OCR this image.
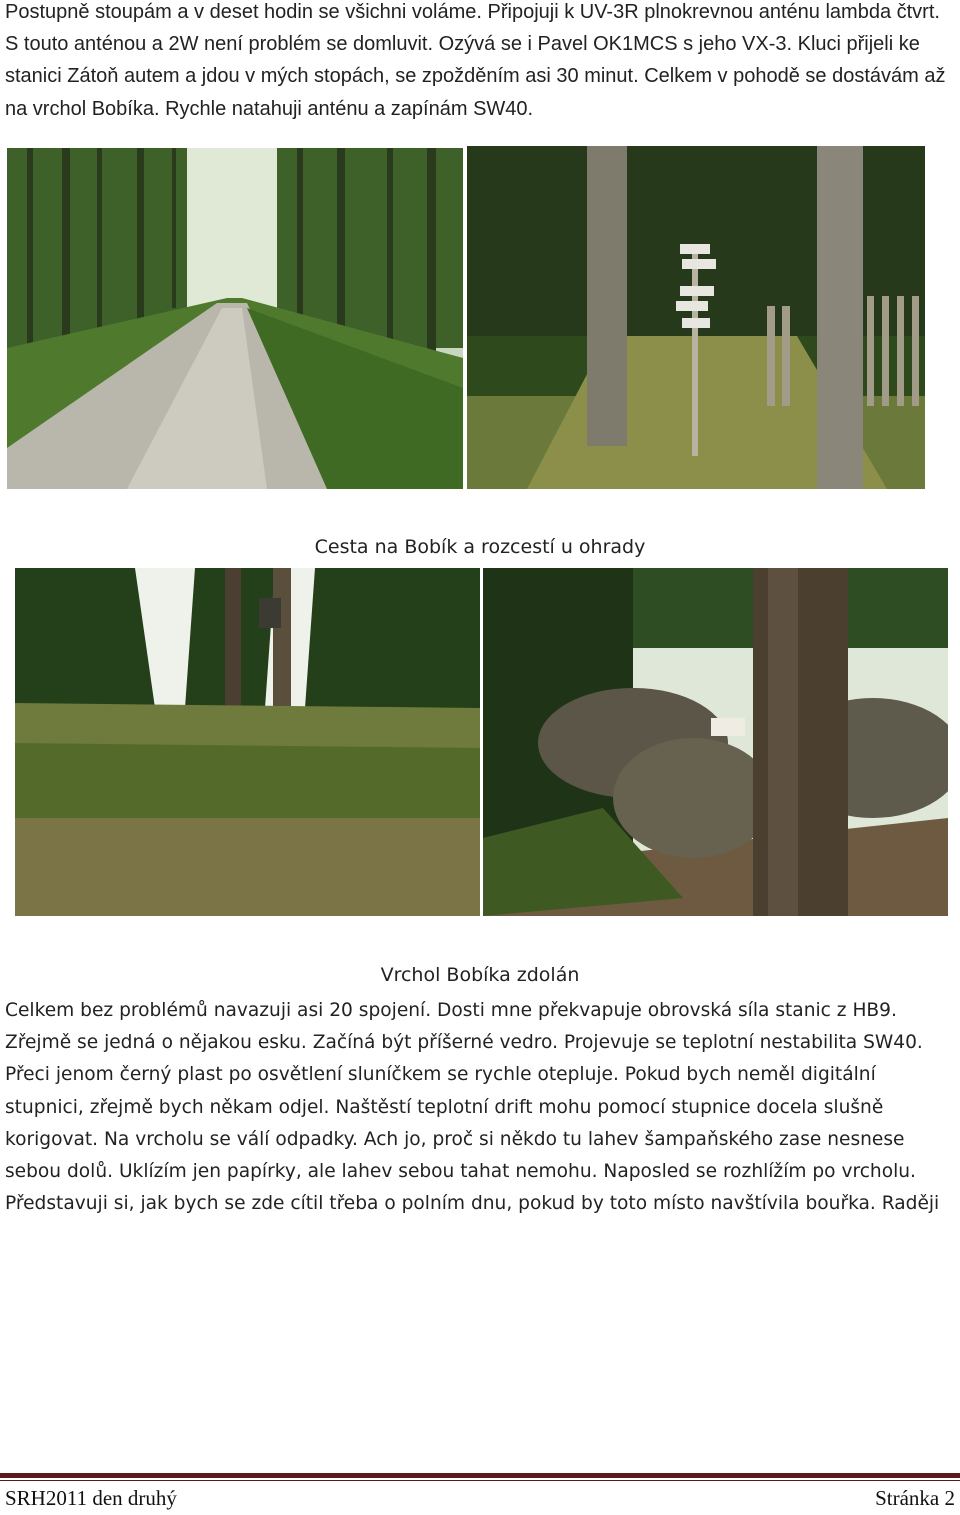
Postupně stoupám a v deset hodin se všichni voláme. Připojuji k UV-3R plnokrevnou anténu lambda čtvrt. S touto anténou a 2W není problém se domluvit. Ozývá se i Pavel OK1MCS s jeho VX-3. Kluci přijeli ke stanici Zátoň autem a jdou v mých stopách, se zpožděním asi 30 minut. Celkem v pohodě se dostávám až na vrchol Bobíka. Rychle natahuji anténu a zapínám SW40.

Cesta na Bobík a rozcestí u ohrady

Vrchol Bobíka zdolán

Celkem bez problémů navazuji asi 20 spojení. Dosti mne překvapuje obrovská síla stanic z HB9. Zřejmě se jedná o nějakou esku. Začíná být příšerné vedro. Projevuje se teplotní nestabilita SW40. Přeci jenom černý plast po osvětlení sluníčkem se rychle otepluje. Pokud bych neměl digitální stupnici, zřejmě bych někam odjel. Naštěstí teplotní drift mohu pomocí stupnice docela slušně korigovat. Na vrcholu se válí odpadky. Ach jo, proč si někdo tu lahev šampaňského zase nesnese sebou dolů. Uklízím jen papírky, ale lahev sebou tahat nemohu. Naposled se rozhlížím po vrcholu. Představuji si, jak bych se zde cítil třeba o polním dnu, pokud by toto místo navštívila bouřka. Raději

SRH2011 den druhý	Stránka 2
